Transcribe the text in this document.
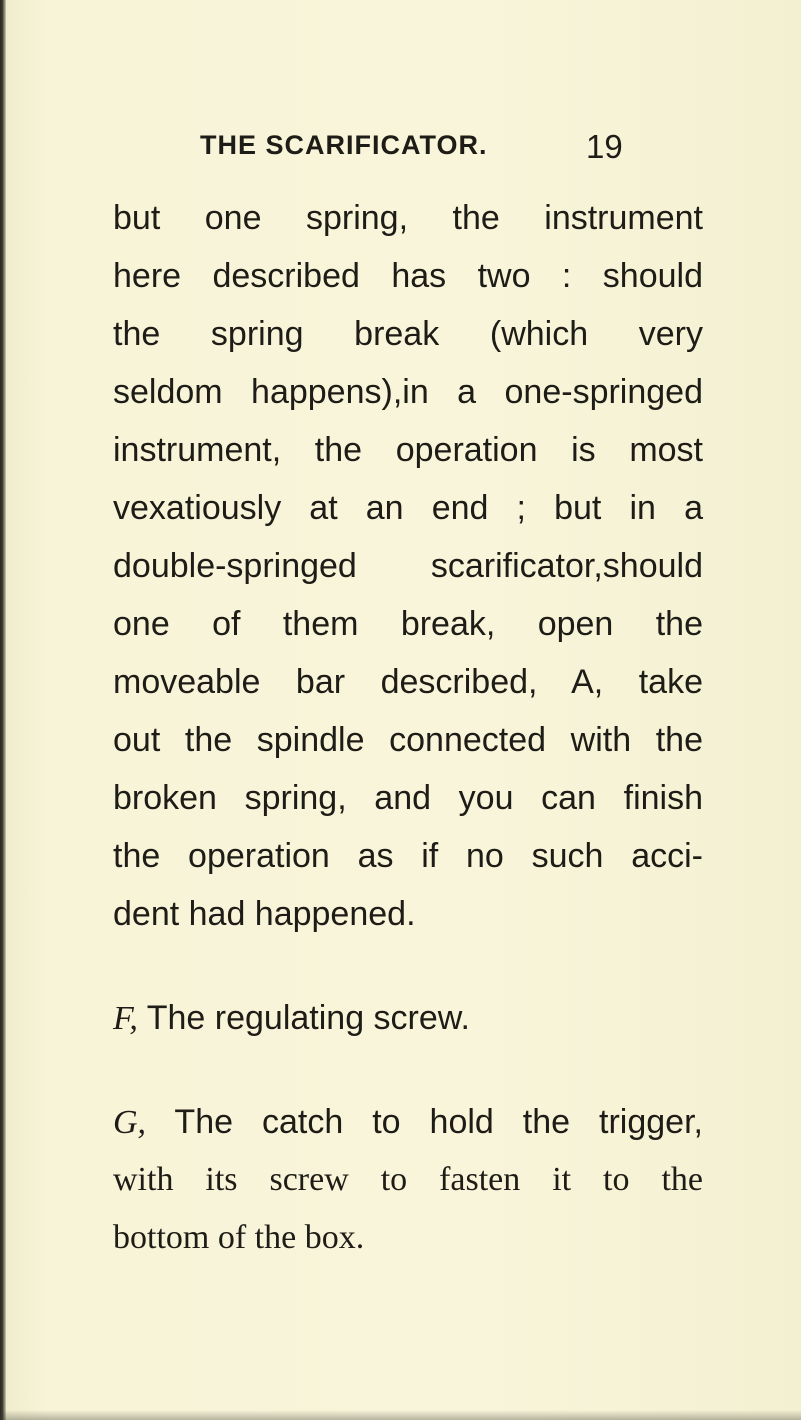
THE SCARIFICATOR.	19
but one spring, the instrument
here described has two : should
the spring break (which very
seldom happens),in a one-springed
instrument, the operation is most
vexatiously at an end ; but in a
double-springed scarificator,should
one of them break, open the
moveable bar described, A, take
out the spindle connected with the
broken spring, and you can finish
the operation as if no such acci-
dent had happened.
F, The regulating screw.
G, The catch to hold the trigger,
with its screw to fasten it to the
bottom of the box.
